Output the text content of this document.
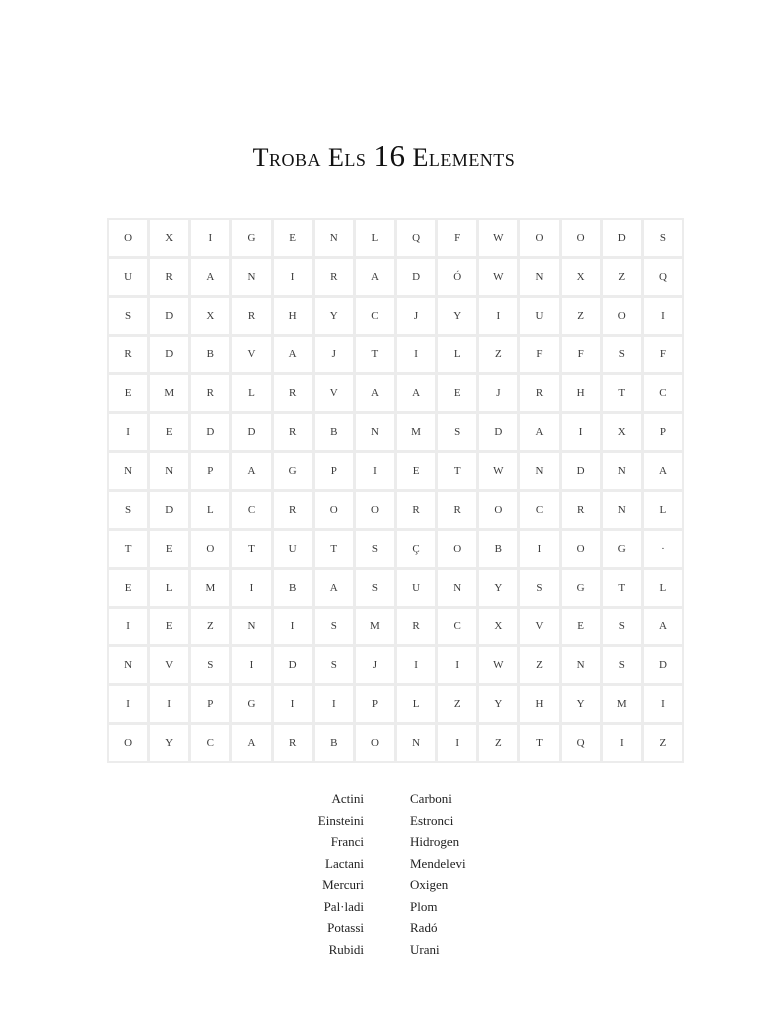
Troba Els 16 Elements
O	X	I	G	E	N	L	Q	F	W	O	O	D	S
U	R	A	N	I	R	A	D	Ó	W	N	X	Z	Q
S	D	X	R	H	Y	C	J	Y	I	U	Z	O	I
R	D	B	V	A	J	T	I	L	Z	F	F	S	F
E	M	R	L	R	V	A	A	E	J	R	H	T	C
I	E	D	D	R	B	N	M	S	D	A	I	X	P
N	N	P	A	G	P	I	E	T	W	N	D	N	A
S	D	L	C	R	O	O	R	R	O	C	R	N	L
T	E	O	T	U	T	S	Ç	O	B	I	O	G	·
E	L	M	I	B	A	S	U	N	Y	S	G	T	L
I	E	Z	N	I	S	M	R	C	X	V	E	S	A
N	V	S	I	D	S	J	I	I	W	Z	N	S	D
I	I	P	G	I	I	P	L	Z	Y	H	Y	M	I
O	Y	C	A	R	B	O	N	I	Z	T	Q	I	Z
Actini
Einsteini
Franci
Lactani
Mercuri
Pal·ladi
Potassi
Rubidi
Carboni
Estronci
Hidrogen
Mendelevi
Oxigen
Plom
Radó
Urani
